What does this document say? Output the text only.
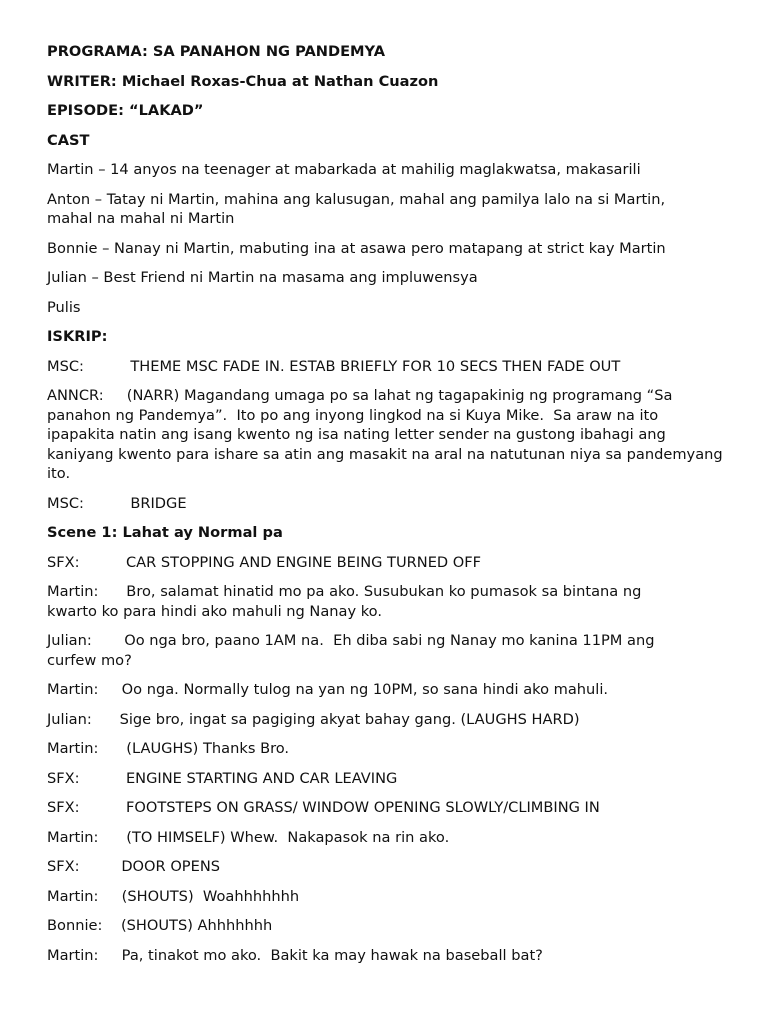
PROGRAMA: SA PANAHON NG PANDEMYA
WRITER: Michael Roxas-Chua at Nathan Cuazon
EPISODE: “LAKAD”
CAST
Martin – 14 anyos na teenager at mabarkada at mahilig maglakwatsa, makasarili
Anton – Tatay ni Martin, mahina ang kalusugan, mahal ang pamilya lalo na si Martin, mahal na mahal ni Martin
Bonnie – Nanay ni Martin, mabuting ina at asawa pero matapang at strict kay Martin
Julian – Best Friend ni Martin na masama ang impluwensya
Pulis
ISKRIP:
MSC:          THEME MSC FADE IN. ESTAB BRIEFLY FOR 10 SECS THEN FADE OUT
ANNCR:     (NARR) Magandang umaga po sa lahat ng tagapakinig ng programang “Sa panahon ng Pandemya”.  Ito po ang inyong lingkod na si Kuya Mike.  Sa araw na ito ipapakita natin ang isang kwento ng isa nating letter sender na gustong ibahagi ang kaniyang kwento para ishare sa atin ang masakit na aral na natutunan niya sa pandemyang ito.
MSC:          BRIDGE
Scene 1: Lahat ay Normal pa
SFX:          CAR STOPPING AND ENGINE BEING TURNED OFF
Martin:      Bro, salamat hinatid mo pa ako. Susubukan ko pumasok sa bintana ng kwarto ko para hindi ako mahuli ng Nanay ko.
Julian:       Oo nga bro, paano 1AM na.  Eh diba sabi ng Nanay mo kanina 11PM ang curfew mo?
Martin:     Oo nga. Normally tulog na yan ng 10PM, so sana hindi ako mahuli.
Julian:      Sige bro, ingat sa pagiging akyat bahay gang. (LAUGHS HARD)
Martin:      (LAUGHS) Thanks Bro.
SFX:          ENGINE STARTING AND CAR LEAVING
SFX:          FOOTSTEPS ON GRASS/ WINDOW OPENING SLOWLY/CLIMBING IN
Martin:      (TO HIMSELF) Whew.  Nakapasok na rin ako.
SFX:         DOOR OPENS
Martin:     (SHOUTS)  Woahhhhhhh
Bonnie:    (SHOUTS) Ahhhhhhh
Martin:     Pa, tinakot mo ako.  Bakit ka may hawak na baseball bat?
